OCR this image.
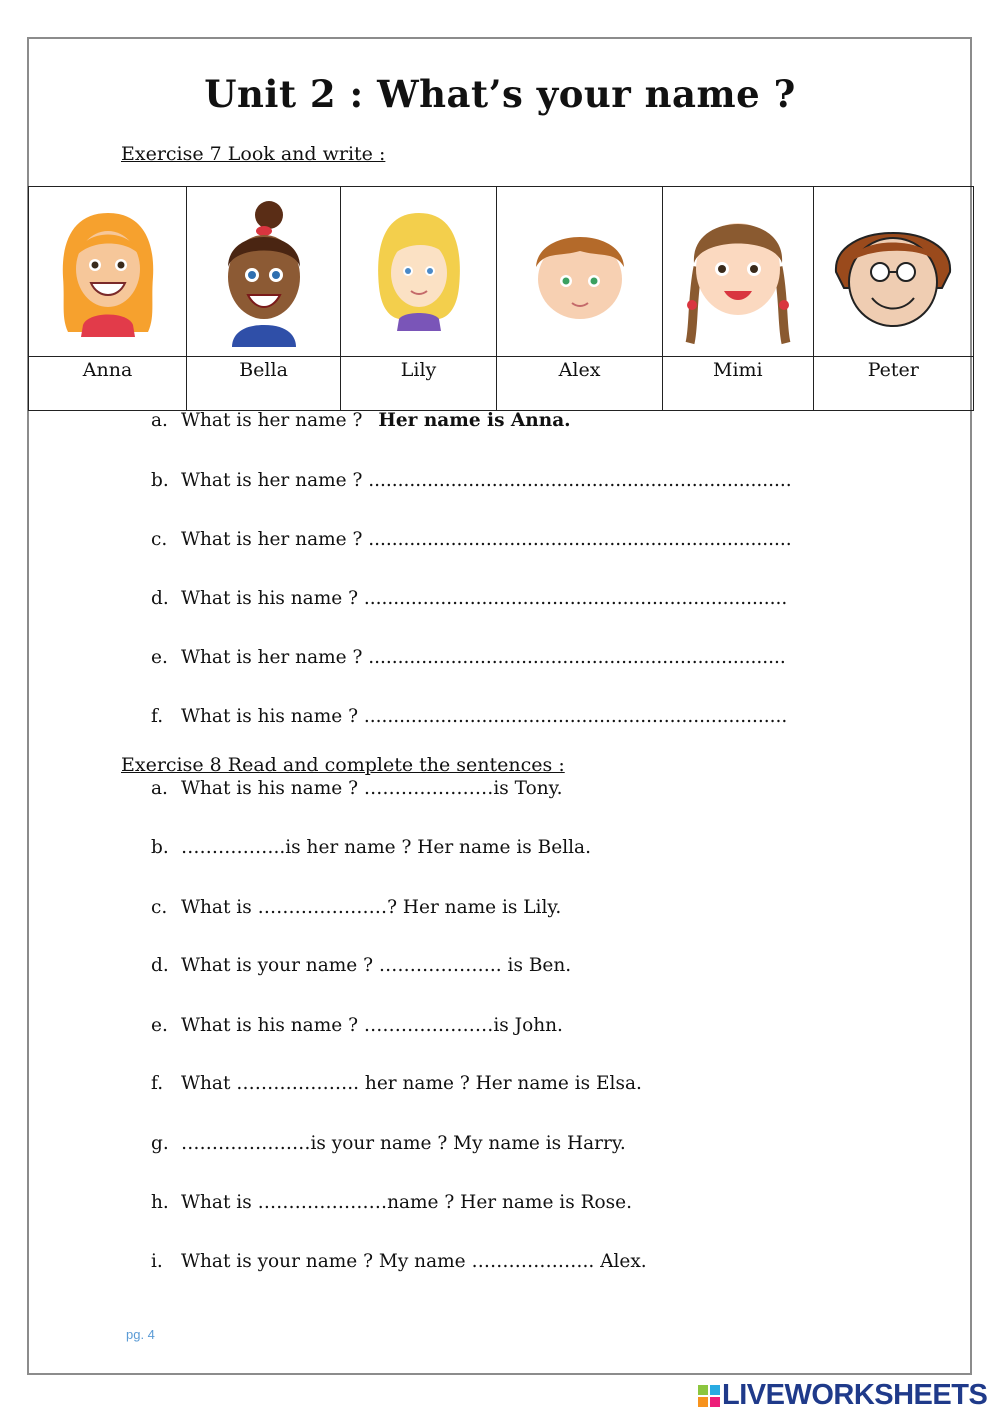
Unit 2 : What’s your name ?
Exercise 7 Look and write :

Anna	Bella	Lily	Alex	Mimi	Peter
a. What is her name ? Her name is Anna.
b. What is her name ? ........................................................................
c. What is her name ? ........................................................................
d. What is his name ? ........................................................................
e. What is her name ? .......................................................................
f. What is his name ? ........................................................................
Exercise 8 Read and complete the sentences :
a. What is his name ? …………………is Tony.
b. ……………..is her name ? Her name is Bella.
c. What is …………………? Her name is Lily.
d. What is your name ? ……………….. is Ben.
e. What is his name ? …………………is John.
f. What ……………….. her name ? Her name is Elsa.
g. …………………is your name ? My name is Harry.
h. What is …………………name ? Her name is Rose.
i. What is your name ? My name ……………….. Alex.
pg. 4
LIVEWORKSHEETS
